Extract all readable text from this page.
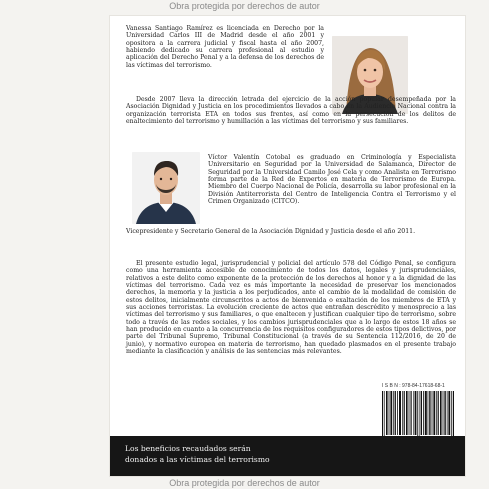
Obra protegida por derechos de autor

Vanessa Santiago Ramírez es licenciada en Derecho por la Universidad Carlos III de Madrid desde el año 2001 y opositora a la carrera judicial y fiscal hasta el año 2007, habiendo dedicado su carrera profesional al estudio y aplicación del Derecho Penal y a la defensa de los derechos de las víctimas del terrorismo.

Desde 2007 lleva la dirección letrada del ejercicio de la acción popular desempeñada por la Asociación Dignidad y Justicia en los procedimientos llevados a cabo en la Audiencia Nacional contra la organización terrorista ETA en todos sus frentes, así como en la persecución de los delitos de enaltecimiento del terrorismo y humillación a las víctimas del terrorismo y sus familiares.

Víctor Valentín Cotobal es graduado en Criminología y Especialista Universitario en Seguridad por la Universidad de Salamanca, Director de Seguridad por la Universidad Camilo José Cela y como Analista en Terrorismo forma parte de la Red de Expertos en materia de Terrorismo de Europa. Miembro del Cuerpo Nacional de Policía, desarrolla su labor profesional en la División Antiterrorista del Centro de Inteligencia Contra el Terrorismo y el Crimen Organizado (CITCO).

Vicepresidente y Secretario General de la Asociación Dignidad y Justicia desde el año 2011.

El presente estudio legal, jurisprudencial y policial del artículo 578 del Código Penal, se configura como una herramienta accesible de conocimiento de todos los datos, legales y jurisprudenciales, relativos a este delito como exponente de la protección de los derechos al honor y a la dignidad de las víctimas del terrorismo. Cada vez es más importante la necesidad de preservar los mencionados derechos, la memoria y la justicia a los perjudicados, ante el cambio de la modalidad de comisión de estos delitos, inicialmente circunscritos a actos de bienvenida o exaltación de los miembros de ETA y sus acciones terroristas. La evolución creciente de actos que entrañan descrédito y menosprecio a las víctimas del terrorismo y sus familiares, o que enaltecen y justifican cualquier tipo de terrorismo, sobre todo a través de las redes sociales, y los cambios jurisprudenciales que a lo largo de estos 18 años se han producido en cuanto a la concurrencia de los requisitos configuradores de estos tipos delictivos, por parte del Tribunal Supremo, Tribunal Constitucional (a través de su Sentencia 112/2016, de 20 de junio), y normativo europea en materia de terrorismo, han quedado plasmados en el presente trabajo mediante la clasificación y análisis de las sentencias más relevantes.

I S B N : 978-84-17618-68-1
Los beneficios recaudados serán donados a las víctimas del terrorismo
Obra protegida por derechos de autor
